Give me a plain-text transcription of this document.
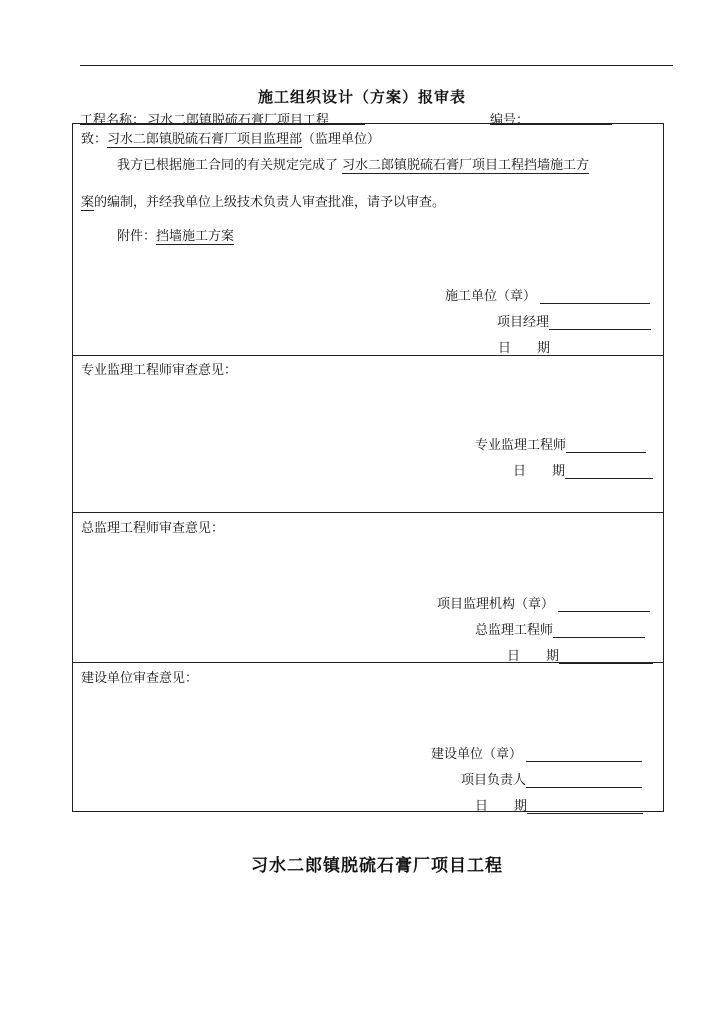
施工组织设计（方案）报审表
工程名称： 习水二郎镇脱硫石膏厂项目工程	编号：
致：习水二郎镇脱硫石膏厂项目监理部（监理单位）
我方已根据施工合同的有关规定完成了 习水二郎镇脱硫石膏厂项目工程挡墙施工方
案的编制，并经我单位上级技术负责人审查批准，请予以审查。
附件：挡墙施工方案
施工单位（章）
项目经理
日　　期
专业监理工程师审查意见：
专业监理工程师
日　　期
总监理工程师审查意见：
项目监理机构（章）
总监理工程师
日　　期
建设单位审查意见：
建设单位（章）
项目负责人
日　　期
习水二郎镇脱硫石膏厂项目工程
